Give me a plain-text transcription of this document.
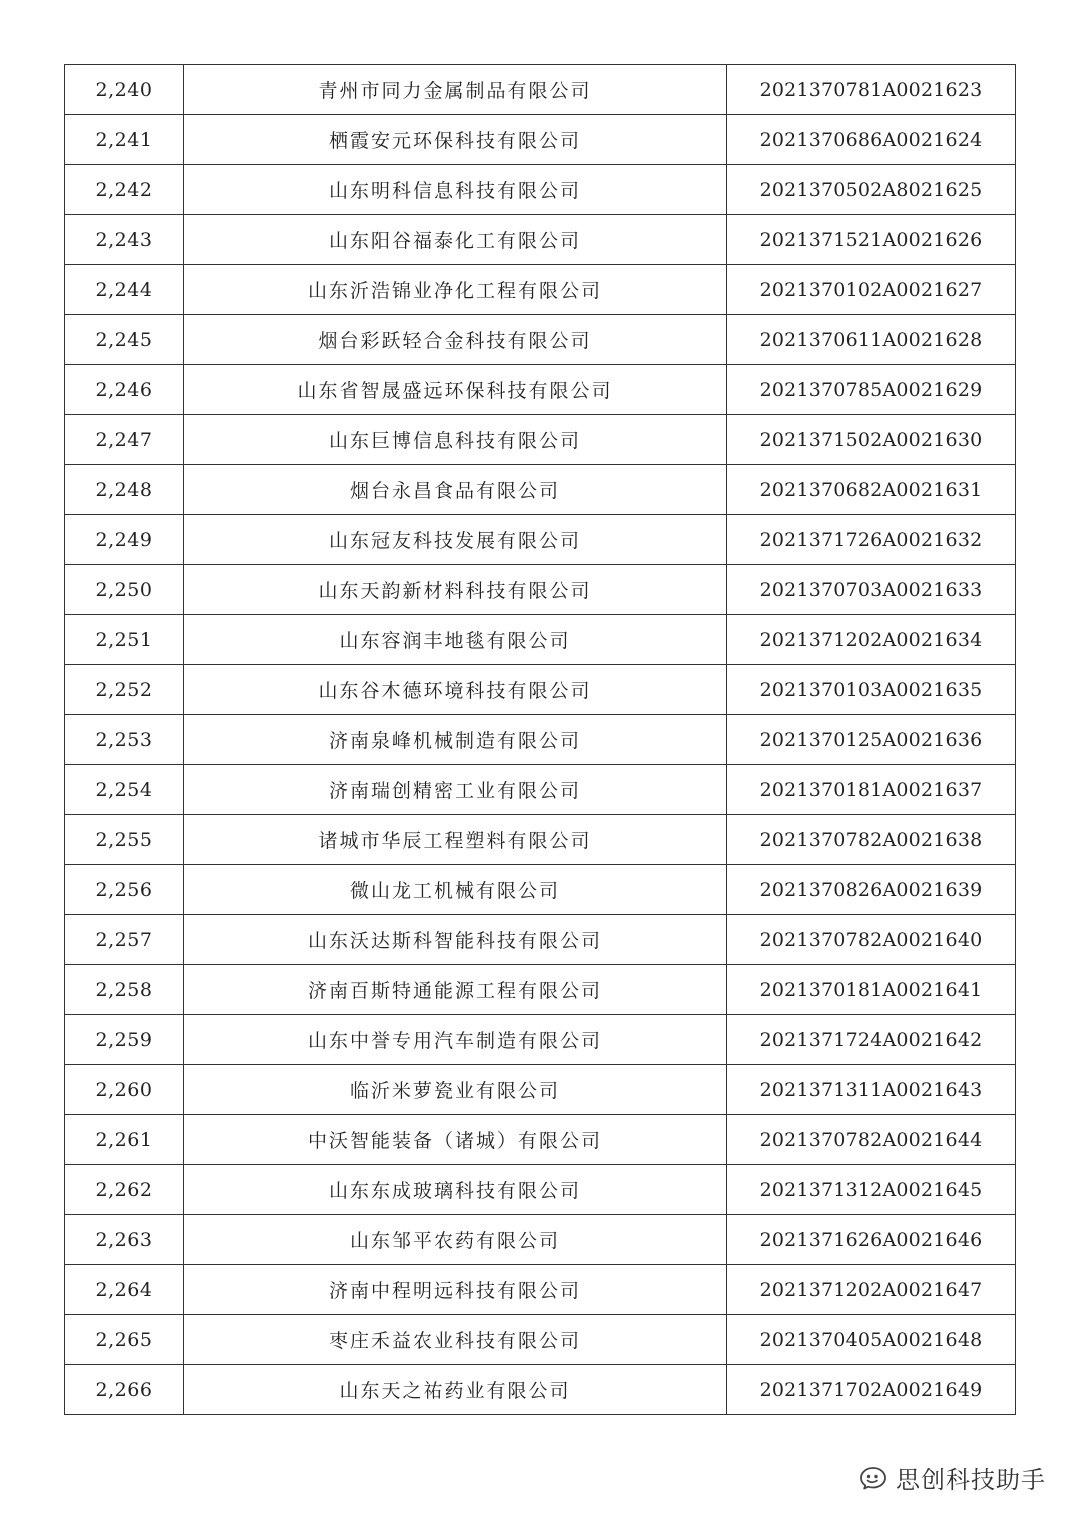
2,240	青州市同力金属制品有限公司	2021370781A0021623
2,241	栖霞安元环保科技有限公司	2021370686A0021624
2,242	山东明科信息科技有限公司	2021370502A8021625
2,243	山东阳谷福泰化工有限公司	2021371521A0021626
2,244	山东沂浩锦业净化工程有限公司	2021370102A0021627
2,245	烟台彩跃轻合金科技有限公司	2021370611A0021628
2,246	山东省智晟盛远环保科技有限公司	2021370785A0021629
2,247	山东巨博信息科技有限公司	2021371502A0021630
2,248	烟台永昌食品有限公司	2021370682A0021631
2,249	山东冠友科技发展有限公司	2021371726A0021632
2,250	山东天韵新材料科技有限公司	2021370703A0021633
2,251	山东容润丰地毯有限公司	2021371202A0021634
2,252	山东谷木德环境科技有限公司	2021370103A0021635
2,253	济南泉峰机械制造有限公司	2021370125A0021636
2,254	济南瑞创精密工业有限公司	2021370181A0021637
2,255	诸城市华辰工程塑料有限公司	2021370782A0021638
2,256	微山龙工机械有限公司	2021370826A0021639
2,257	山东沃达斯科智能科技有限公司	2021370782A0021640
2,258	济南百斯特通能源工程有限公司	2021370181A0021641
2,259	山东中誉专用汽车制造有限公司	2021371724A0021642
2,260	临沂米萝瓷业有限公司	2021371311A0021643
2,261	中沃智能装备（诸城）有限公司	2021370782A0021644
2,262	山东东成玻璃科技有限公司	2021371312A0021645
2,263	山东邹平农药有限公司	2021371626A0021646
2,264	济南中程明远科技有限公司	2021371202A0021647
2,265	枣庄禾益农业科技有限公司	2021370405A0021648
2,266	山东天之祐药业有限公司	2021371702A0021649
思创科技助手
